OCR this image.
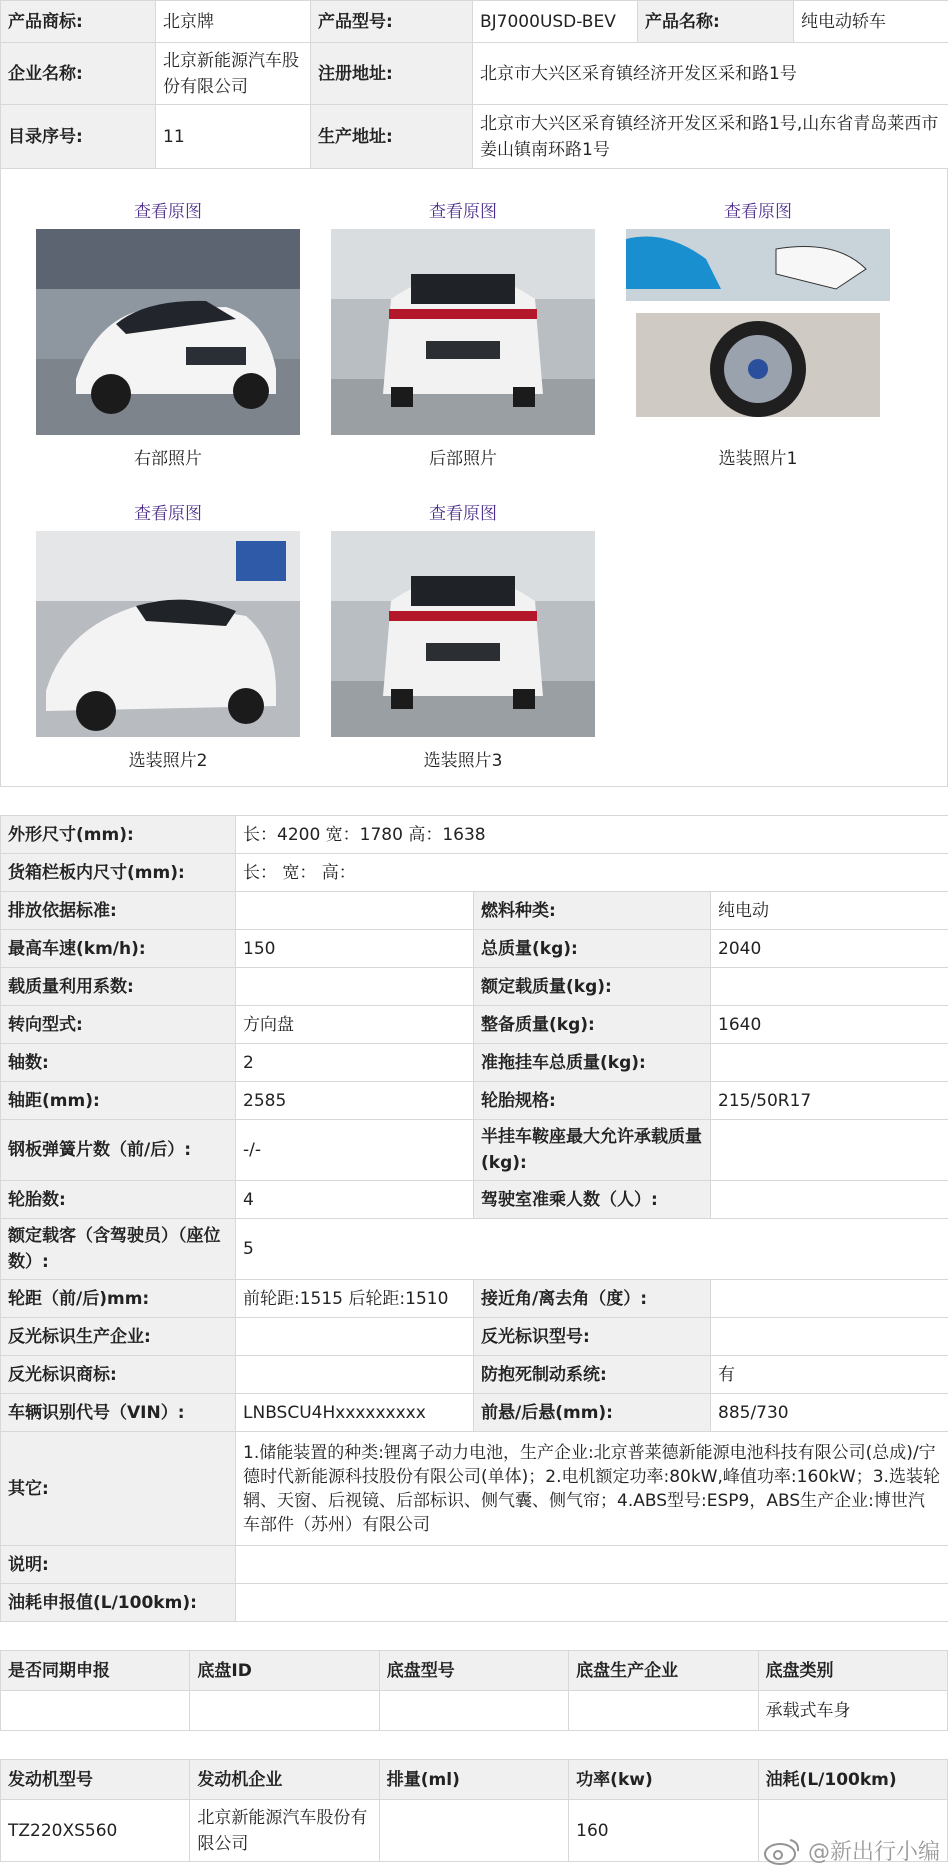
产品商标:	北京牌	产品型号:	BJ7000USD-BEV	产品名称:	纯电动轿车
企业名称:	北京新能源汽车股份有限公司	注册地址:	北京市大兴区采育镇经济开发区采和路1号		
目录序号:	11	生产地址:	北京市大兴区采育镇经济开发区采和路1号,山东省青岛莱西市姜山镇南环路1号		
查看原图
右部照片
查看原图
后部照片
查看原图
选装照片1
查看原图
选装照片2
查看原图
选装照片3
外形尺寸(mm):	长：4200 宽：1780 高：1638		
货箱栏板内尺寸(mm):	长： 宽： 高：		
排放依据标准:		燃料种类:	纯电动
最高车速(km/h):	150	总质量(kg):	2040
载质量利用系数:		额定载质量(kg):	
转向型式:	方向盘	整备质量(kg):	1640
轴数:	2	准拖挂车总质量(kg):	
轴距(mm):	2585	轮胎规格:	215/50R17
钢板弹簧片数（前/后）:	-/-	半挂车鞍座最大允许承载质量(kg):	
轮胎数:	4	驾驶室准乘人数（人）:	
额定载客（含驾驶员）（座位数）:	5		
轮距（前/后)mm:	前轮距:1515 后轮距:1510	接近角/离去角（度）:	
反光标识生产企业:		反光标识型号:	
反光标识商标:		防抱死制动系统:	有
车辆识别代号（VIN）:	LNBSCU4Hxxxxxxxxx	前悬/后悬(mm):	885/730
其它:	1.储能装置的种类:锂离子动力电池，生产企业:北京普莱德新能源电池科技有限公司(总成)/宁德时代新能源科技股份有限公司(单体)；2.电机额定功率:80kW,峰值功率:160kW；3.选装轮辋、天窗、后视镜、后部标识、侧气囊、侧气帘；4.ABS型号:ESP9，ABS生产企业:博世汽车部件（苏州）有限公司		
说明:			
油耗申报值(L/100km):			
是否同期申报	底盘ID	底盘型号	底盘生产企业	底盘类别
				承载式车身
发动机型号	发动机企业	排量(ml)	功率(kw)	油耗(L/100km)
TZ220XS560	北京新能源汽车股份有限公司		160	
@新出行小编
